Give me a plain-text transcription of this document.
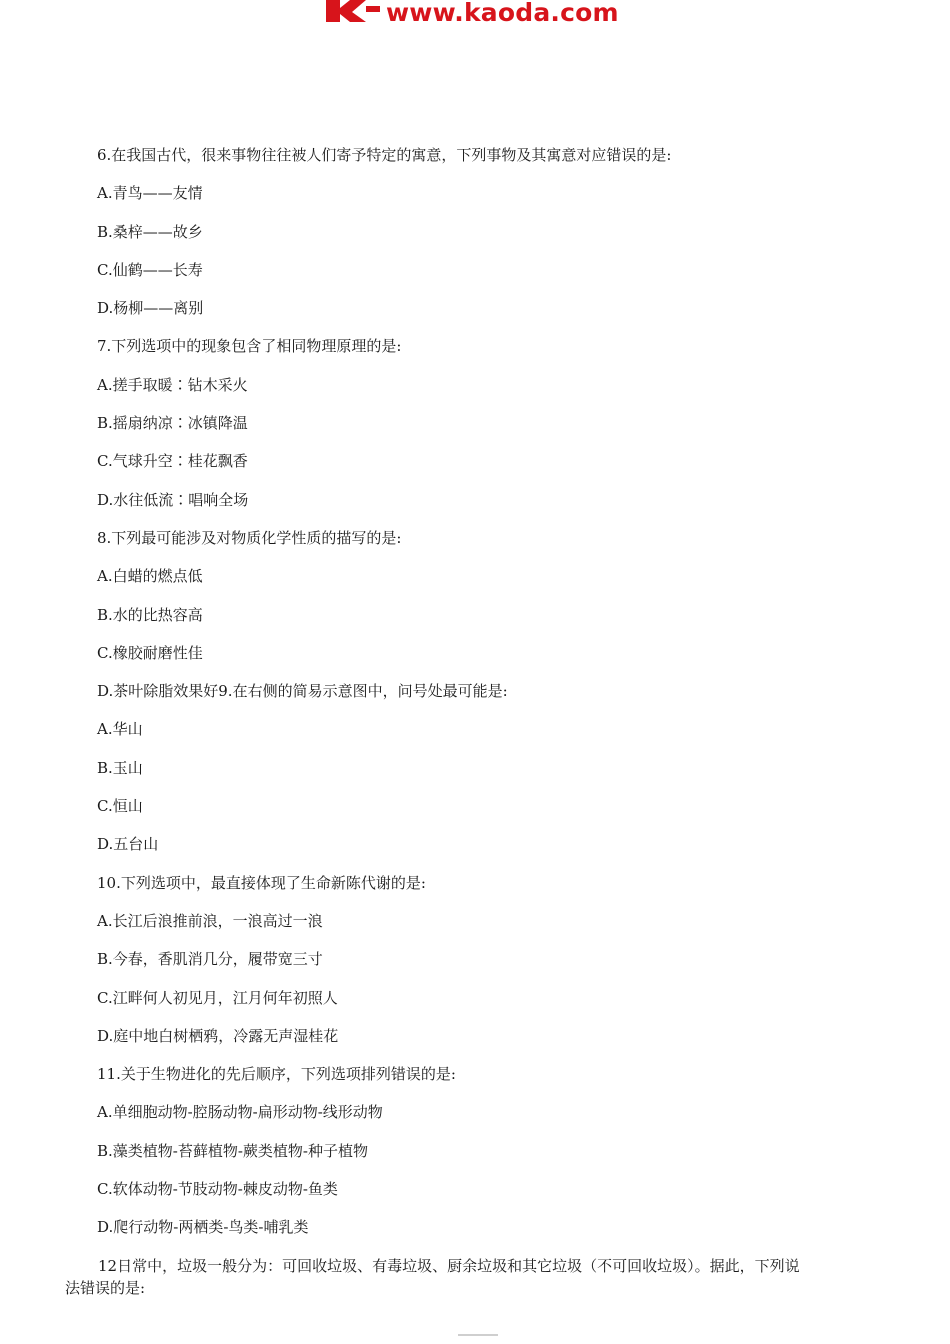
www.kaoda.com
6.在我国古代，很来事物往往被人们寄予特定的寓意，下列事物及其寓意对应错误的是:
A.青鸟——友情
B.桑梓——故乡
C.仙鹤——长寿
D.杨柳——离别
7.下列选项中的现象包含了相同物理原理的是:
A.搓手取暖∶钻木采火
B.摇扇纳凉∶冰镇降温
C.气球升空∶桂花飘香
D.水往低流∶唱响全场
8.下列最可能涉及对物质化学性质的描写的是:
A.白蜡的燃点低
B.水的比热容高
C.橡胶耐磨性佳
D.茶叶除脂效果好9.在右侧的简易示意图中，问号处最可能是:
A.华山
B.玉山
C.恒山
D.五台山
10.下列选项中，最直接体现了生命新陈代谢的是:
A.长江后浪推前浪，一浪高过一浪
B.今春，香肌消几分，履带宽三寸
C.江畔何人初见月，江月何年初照人
D.庭中地白树栖鸦，冷露无声湿桂花
11.关于生物进化的先后顺序，下列选项排列错误的是:
A.单细胞动物-腔肠动物-扁形动物-线形动物
B.藻类植物-苔藓植物-蕨类植物-种子植物
C.软体动物-节肢动物-棘皮动物-鱼类
D.爬行动物-两栖类-鸟类-哺乳类
12日常中，垃圾一般分为：可回收垃圾、有毒垃圾、厨余垃圾和其它垃圾（不可回收垃圾）。据此，下列说
法错误的是:
